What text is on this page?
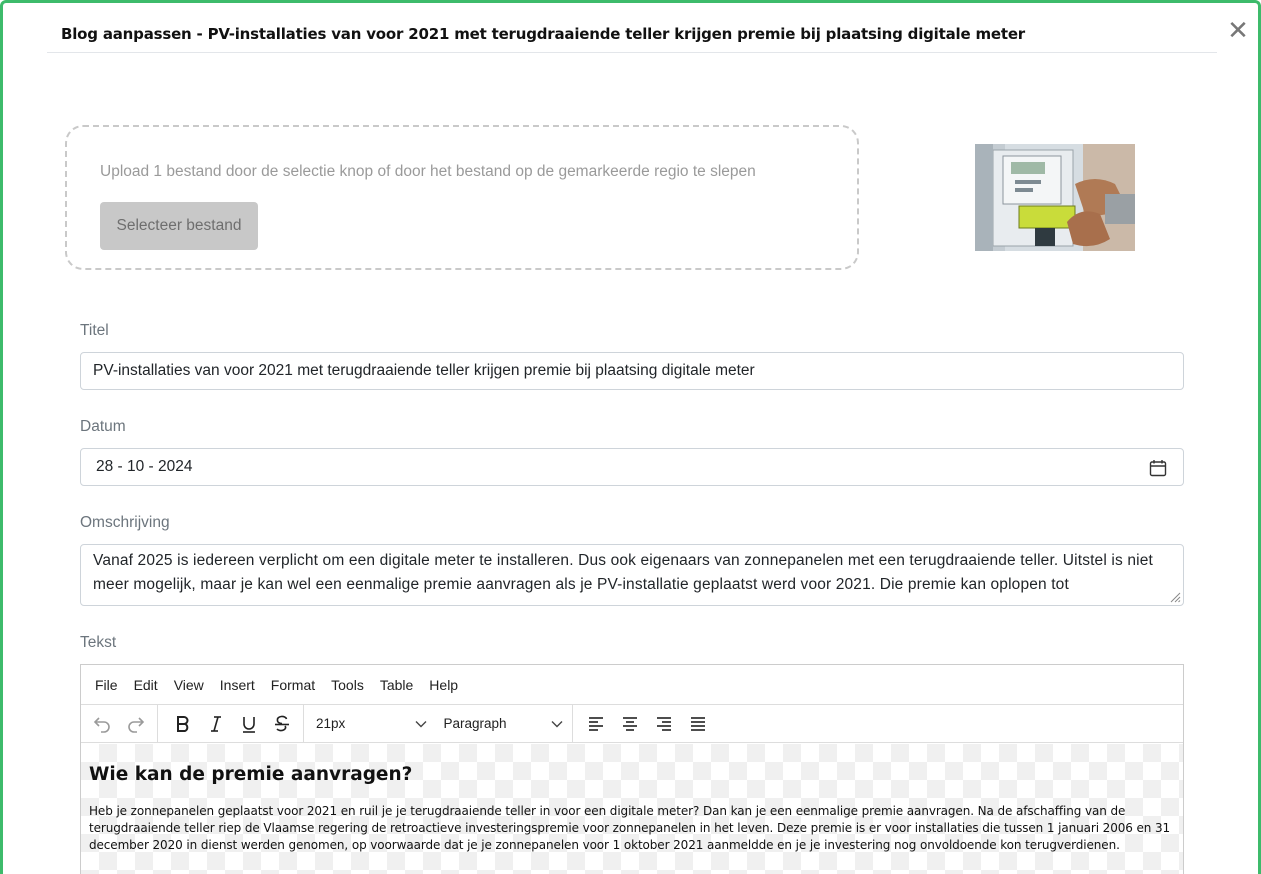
Blog aanpassen - PV-installaties van voor 2021 met terugdraaiende teller krijgen premie bij plaatsing digitale meter	✕
Upload 1 bestand door de selectie knop of door het bestand op de gemarkeerde regio te slepen
Selecteer bestand
Titel
PV-installaties van voor 2021 met terugdraaiende teller krijgen premie bij plaatsing digitale meter
Datum
28 - 10 - 2024
Omschrijving
Vanaf 2025 is iedereen verplicht om een digitale meter te installeren. Dus ook eigenaars van zonnepanelen met een terugdraaiende teller. Uitstel is niet meer mogelijk, maar je kan wel een eenmalige premie aanvragen als je PV-installatie geplaatst werd voor 2021. Die premie kan oplopen tot
Tekst
File	Edit	View	Insert	Format	Tools	Table	Help
21px	Paragraph
Wie kan de premie aanvragen?

Heb je zonnepanelen geplaatst voor 2021 en ruil je je terugdraaiende teller in voor een digitale meter? Dan kan je een eenmalige premie aanvragen. Na de afschaffing van de terugdraaiende teller riep de Vlaamse regering de retroactieve investeringspremie voor zonnepanelen in het leven. Deze premie is er voor installaties die tussen 1 januari 2006 en 31 december 2020 in dienst werden genomen, op voorwaarde dat je je zonnepanelen voor 1 oktober 2021 aanmeldde en je je investering nog onvoldoende kon terugverdienen.
